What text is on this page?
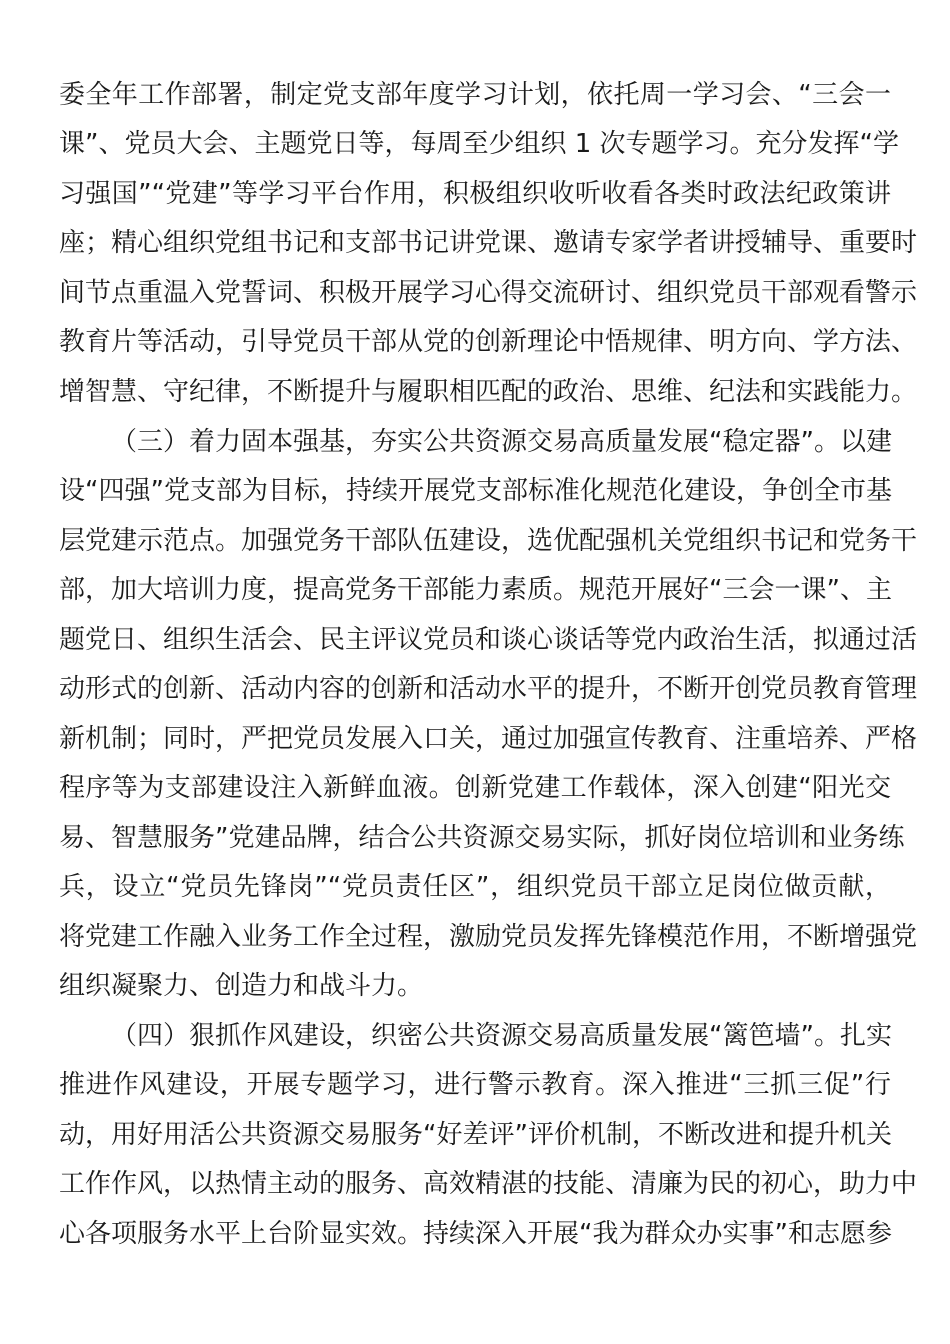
委全年工作部署，制定党支部年度学习计划，依托周一学习会、“三会一
课”、党员大会、主题党日等，每周至少组织 1 次专题学习。充分发挥“学
习强国”“党建”等学习平台作用，积极组织收听收看各类时政法纪政策讲
座；精心组织党组书记和支部书记讲党课、邀请专家学者讲授辅导、重要时
间节点重温入党誓词、积极开展学习心得交流研讨、组织党员干部观看警示
教育片等活动，引导党员干部从党的创新理论中悟规律、明方向、学方法、
增智慧、守纪律，不断提升与履职相匹配的政治、思维、纪法和实践能力。
（三）着力固本强基，夯实公共资源交易高质量发展“稳定器”。以建
设“四强”党支部为目标，持续开展党支部标准化规范化建设，争创全市基
层党建示范点。加强党务干部队伍建设，选优配强机关党组织书记和党务干
部，加大培训力度，提高党务干部能力素质。规范开展好“三会一课”、主
题党日、组织生活会、民主评议党员和谈心谈话等党内政治生活，拟通过活
动形式的创新、活动内容的创新和活动水平的提升，不断开创党员教育管理
新机制；同时，严把党员发展入口关，通过加强宣传教育、注重培养、严格
程序等为支部建设注入新鲜血液。创新党建工作载体，深入创建“阳光交
易、智慧服务”党建品牌，结合公共资源交易实际，抓好岗位培训和业务练
兵，设立“党员先锋岗”“党员责任区”，组织党员干部立足岗位做贡献，
将党建工作融入业务工作全过程，激励党员发挥先锋模范作用，不断增强党
组织凝聚力、创造力和战斗力。
（四）狠抓作风建设，织密公共资源交易高质量发展“篱笆墙”。扎实
推进作风建设，开展专题学习，进行警示教育。深入推进“三抓三促”行
动，用好用活公共资源交易服务“好差评”评价机制，不断改进和提升机关
工作作风，以热情主动的服务、高效精湛的技能、清廉为民的初心，助力中
心各项服务水平上台阶显实效。持续深入开展“我为群众办实事”和志愿参
